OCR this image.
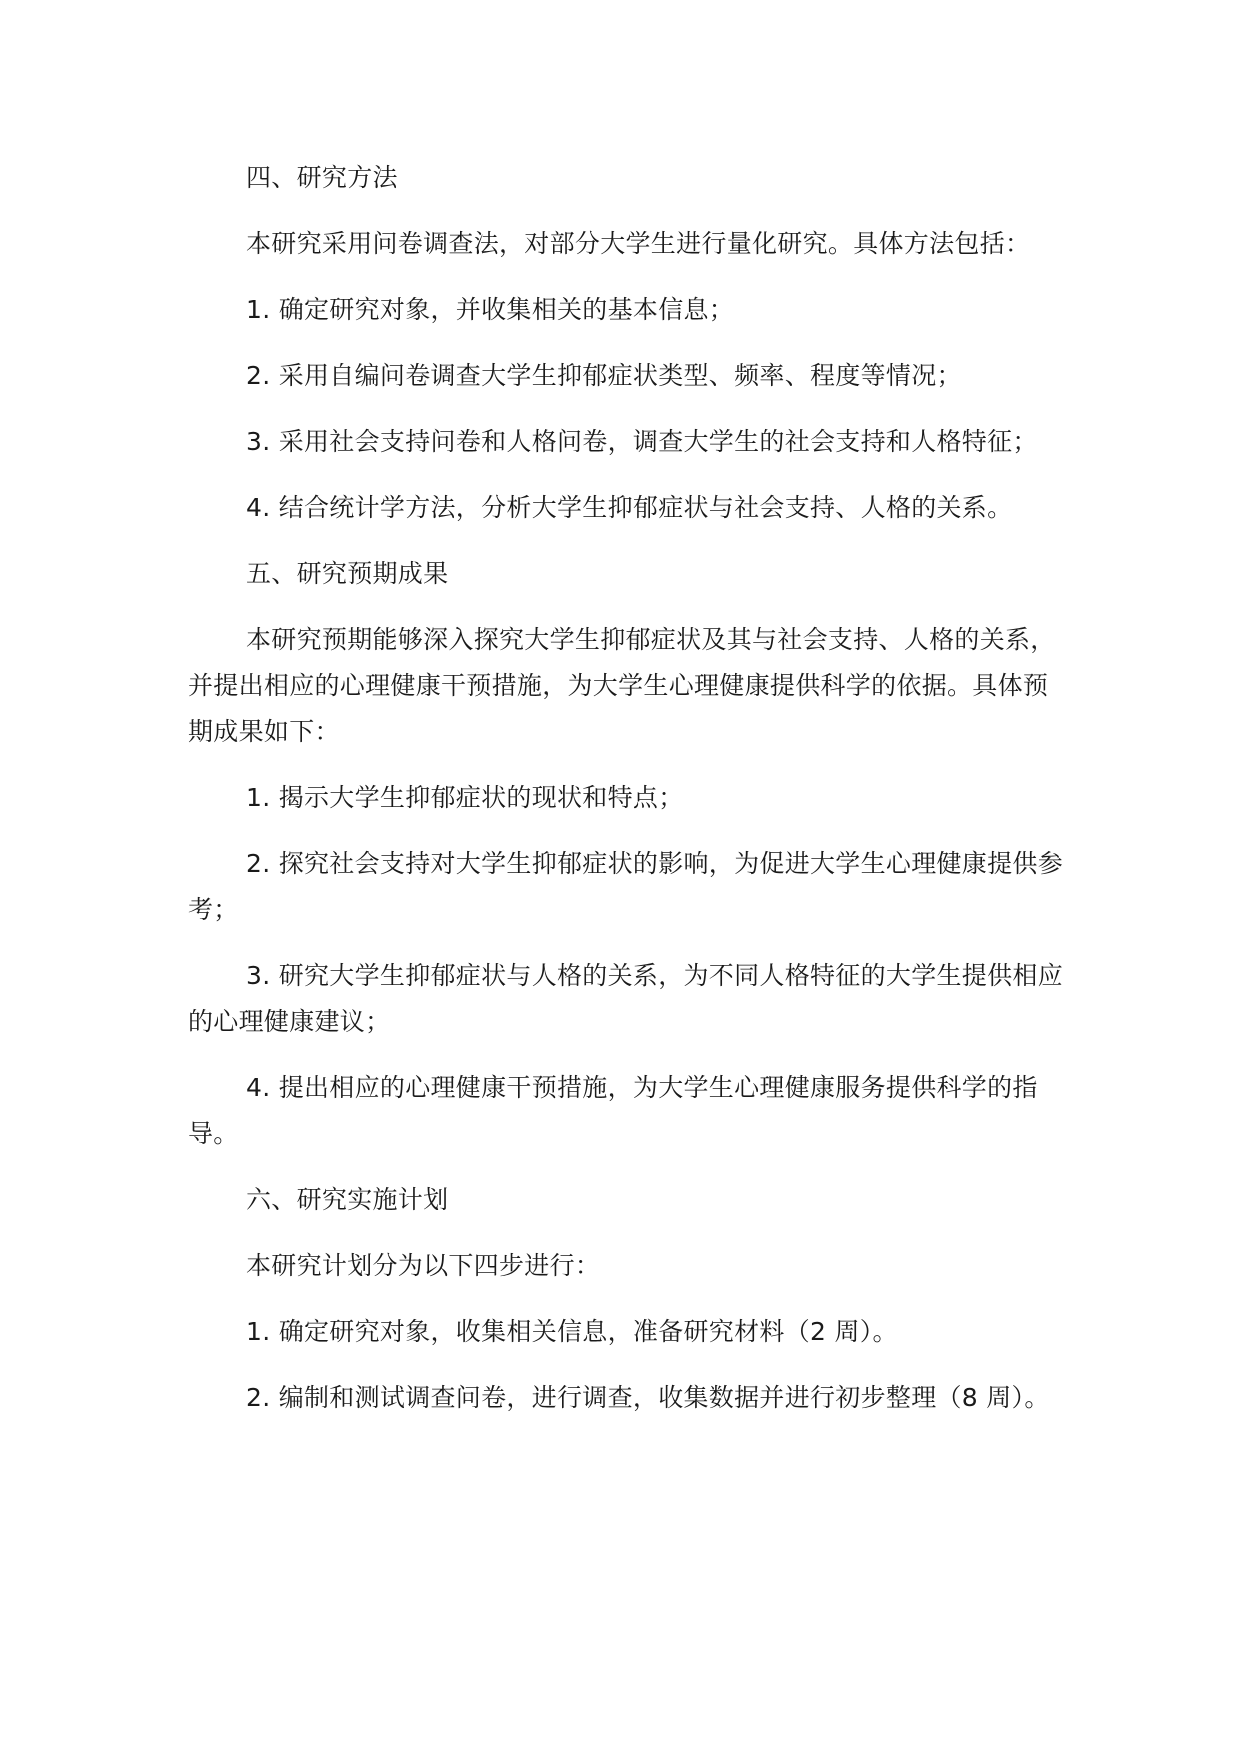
四、研究方法

本研究采用问卷调查法，对部分大学生进行量化研究。具体方法包括：

1. 确定研究对象，并收集相关的基本信息；

2. 采用自编问卷调查大学生抑郁症状类型、频率、程度等情况；

3. 采用社会支持问卷和人格问卷，调查大学生的社会支持和人格特征；

4. 结合统计学方法，分析大学生抑郁症状与社会支持、人格的关系。

五、研究预期成果

本研究预期能够深入探究大学生抑郁症状及其与社会支持、人格的关系，并提出相应的心理健康干预措施，为大学生心理健康提供科学的依据。具体预期成果如下：

1. 揭示大学生抑郁症状的现状和特点；

2. 探究社会支持对大学生抑郁症状的影响，为促进大学生心理健康提供参考；

3. 研究大学生抑郁症状与人格的关系，为不同人格特征的大学生提供相应的心理健康建议；

4. 提出相应的心理健康干预措施，为大学生心理健康服务提供科学的指导。

六、研究实施计划

本研究计划分为以下四步进行：

1. 确定研究对象，收集相关信息，准备研究材料（2 周）。

2. 编制和测试调查问卷，进行调查，收集数据并进行初步整理（8 周）。
